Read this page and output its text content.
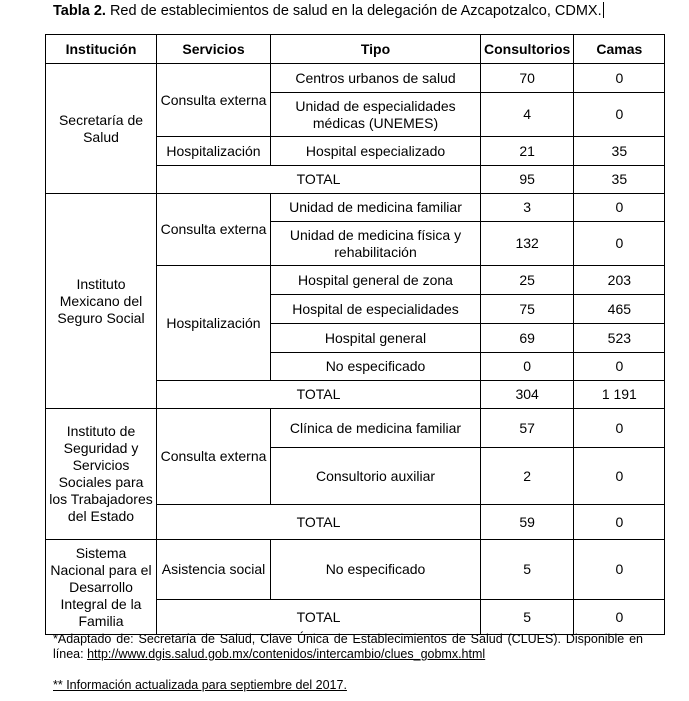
Tabla 2. Red de establecimientos de salud en la delegación de Azcapotzalco, CDMX.
Institución	Servicios	Tipo	Consultorios	Camas
Secretaría de Salud	Consulta externa	Centros urbanos de salud	70	0
		Unidad de especialidades médicas (UNEMES)	4	0
	Hospitalización	Hospital especializado	21	35
	TOTAL		95	35
Instituto Mexicano del Seguro Social	Consulta externa	Unidad de medicina familiar	3	0
		Unidad de medicina física y rehabilitación	132	0
	Hospitalización	Hospital general de zona	25	203
		Hospital de especialidades	75	465
		Hospital general	69	523
		No especificado	0	0
	TOTAL		304	1 191
Instituto de Seguridad y Servicios Sociales para los Trabajadores del Estado	Consulta externa	Clínica de medicina familiar	57	0
		Consultorio auxiliar	2	0
	TOTAL		59	0
Sistema Nacional para el Desarrollo Integral de la Familia	Asistencia social	No especificado	5	0
	TOTAL		5	0
*Adaptado de: Secretaría de Salud, Clave Única de Establecimientos de Salud (CLUES). Disponible en línea: http://www.dgis.salud.gob.mx/contenidos/intercambio/clues_gobmx.html
** Información actualizada para septiembre del 2017.
